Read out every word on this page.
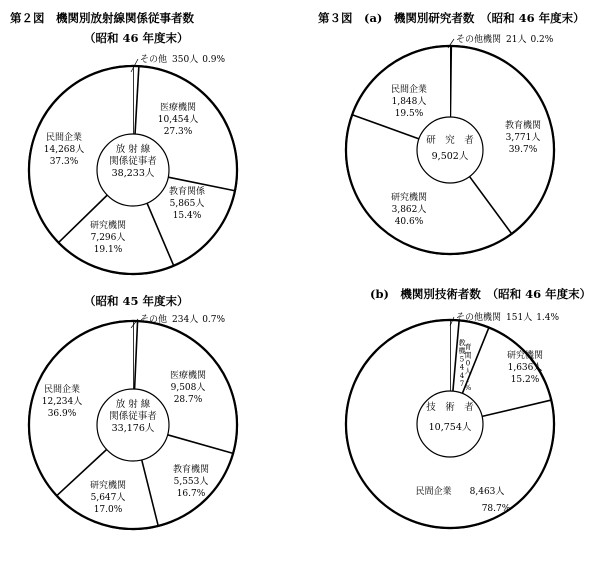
第２図　機関別放射線関係従事者数
（昭和 46 年度末）
第３図　(a)　機関別研究者数　（昭和 46 年度末）
（昭和 45 年度末）	(b)　機関別技術者数　（昭和 46 年度末）
放 射 線
関係従事者
38,233人
その他 350人 0.9%
医療機関
10,454人
27.3%
教育関係
5,865人
15.4%
研究機関
7,296人
19.1%
民間企業
14,268人
37.3%
放 射 線
関係従事者
33,176人
その他 234人 0.7%
医療機関
9,508人
28.7%
教育機関
5,553人
16.7%
研究機関
5,647人
17.0%
民間企業
12,234人
36.9%
研　究　者
9,502人
その他機関 21人 0.2%
教育機関
3,771人
39.7%
研究機関
3,862人
40.6%
民間企業
1,848人
19.5%
技　術　者
10,754人
その他機関 151人 1.4%
教
育
機
関
5
0
4
人
4
.
7
%
研究機関
1,636人
15.2%
民間企業 8,463人
78.7%
